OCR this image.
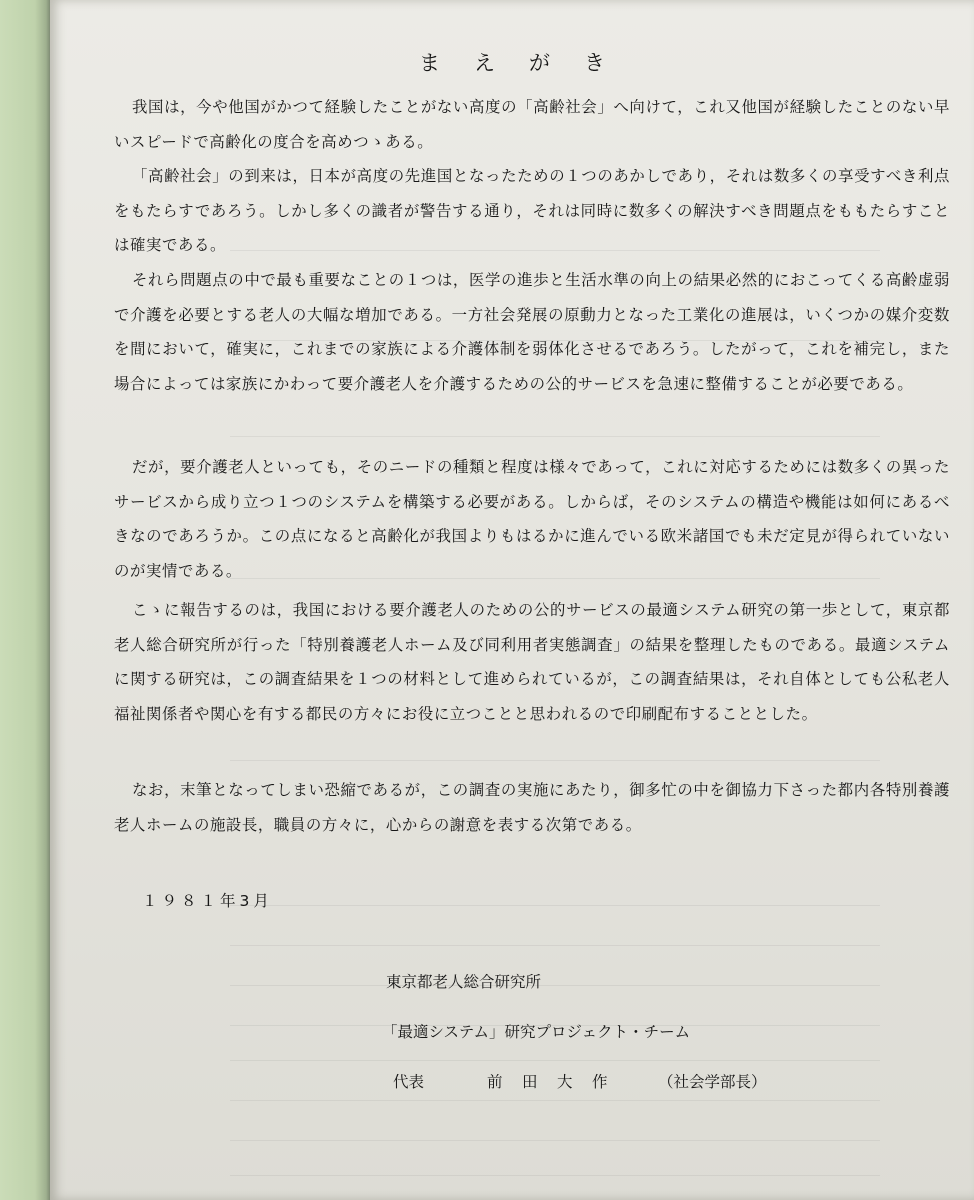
まえがき
我国は，今や他国がかつて経験したことがない高度の「高齢社会」へ向けて，これ又他国が経験したことのない早いスピードで高齢化の度合を高めつゝある。
「高齢社会」の到来は，日本が高度の先進国となったための１つのあかしであり，それは数多くの享受すべき利点をもたらすであろう。しかし多くの識者が警告する通り，それは同時に数多くの解決すべき問題点をももたらすことは確実である。
それら問題点の中で最も重要なことの１つは，医学の進歩と生活水準の向上の結果必然的におこってくる高齢虚弱で介護を必要とする老人の大幅な増加である。一方社会発展の原動力となった工業化の進展は，いくつかの媒介変数を間において，確実に，これまでの家族による介護体制を弱体化させるであろう。したがって，これを補完し，また場合によっては家族にかわって要介護老人を介護するための公的サービスを急速に整備することが必要である。
だが，要介護老人といっても，そのニードの種類と程度は様々であって，これに対応するためには数多くの異ったサービスから成り立つ１つのシステムを構築する必要がある。しからば，そのシステムの構造や機能は如何にあるべきなのであろうか。この点になると高齢化が我国よりもはるかに進んでいる欧米諸国でも未だ定見が得られていないのが実情である。
こゝに報告するのは，我国における要介護老人のための公的サービスの最適システム研究の第一歩として，東京都老人総合研究所が行った「特別養護老人ホーム及び同利用者実態調査」の結果を整理したものである。最適システムに関する研究は，この調査結果を１つの材料として進められているが，この調査結果は，それ自体としても公私老人福祉関係者や関心を有する都民の方々にお役に立つことと思われるので印刷配布することとした。
なお，末筆となってしまい恐縮であるが，この調査の実施にあたり，御多忙の中を御協力下さった都内各特別養護老人ホームの施設長，職員の方々に，心からの謝意を表する次第である。
１９８１年3月
東京都老人総合研究所
「最適システム」研究プロジェクト・チーム
代表	前　田　大　作	（社会学部長）
